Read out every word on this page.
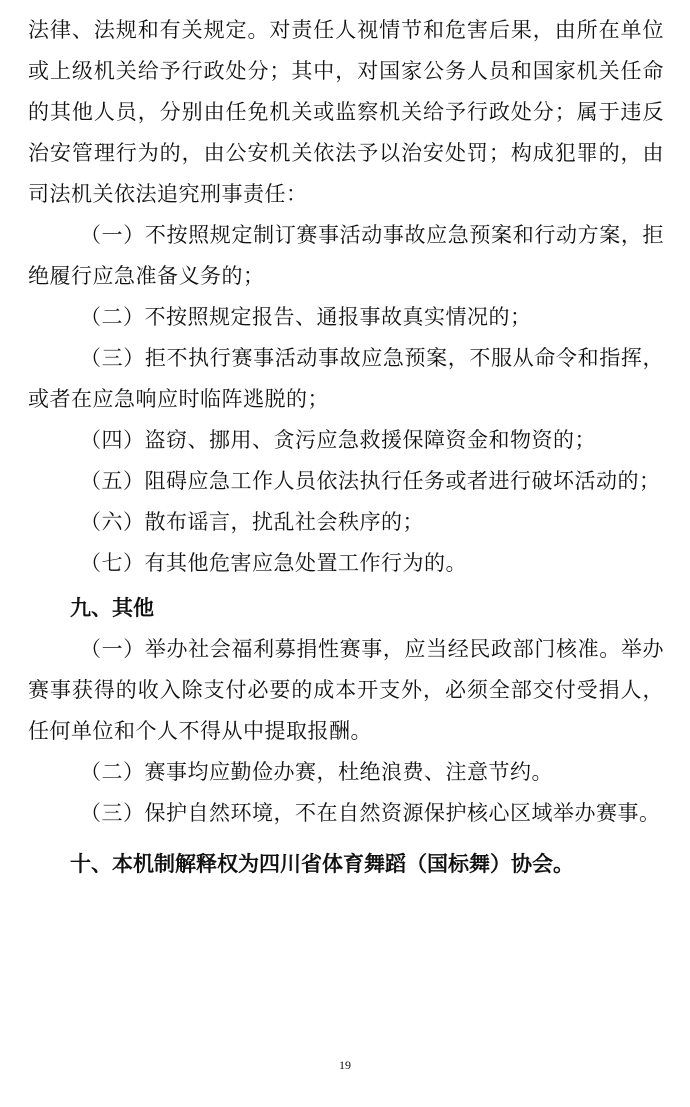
法律、法规和有关规定。对责任人视情节和危害后果，由所在单位或上级机关给予行政处分；其中，对国家公务人员和国家机关任命的其他人员，分别由任免机关或监察机关给予行政处分；属于违反治安管理行为的，由公安机关依法予以治安处罚；构成犯罪的，由司法机关依法追究刑事责任：

（一）不按照规定制订赛事活动事故应急预案和行动方案，拒绝履行应急准备义务的；

（二）不按照规定报告、通报事故真实情况的；

（三）拒不执行赛事活动事故应急预案，不服从命令和指挥，或者在应急响应时临阵逃脱的；

（四）盗窃、挪用、贪污应急救援保障资金和物资的；

（五）阻碍应急工作人员依法执行任务或者进行破坏活动的；

（六）散布谣言，扰乱社会秩序的；

（七）有其他危害应急处置工作行为的。

九、其他

（一）举办社会福利募捐性赛事，应当经民政部门核准。举办赛事获得的收入除支付必要的成本开支外，必须全部交付受捐人，任何单位和个人不得从中提取报酬。

（二）赛事均应勤俭办赛，杜绝浪费、注意节约。

（三）保护自然环境，不在自然资源保护核心区域举办赛事。

十、本机制解释权为四川省体育舞蹈（国标舞）协会。

19
